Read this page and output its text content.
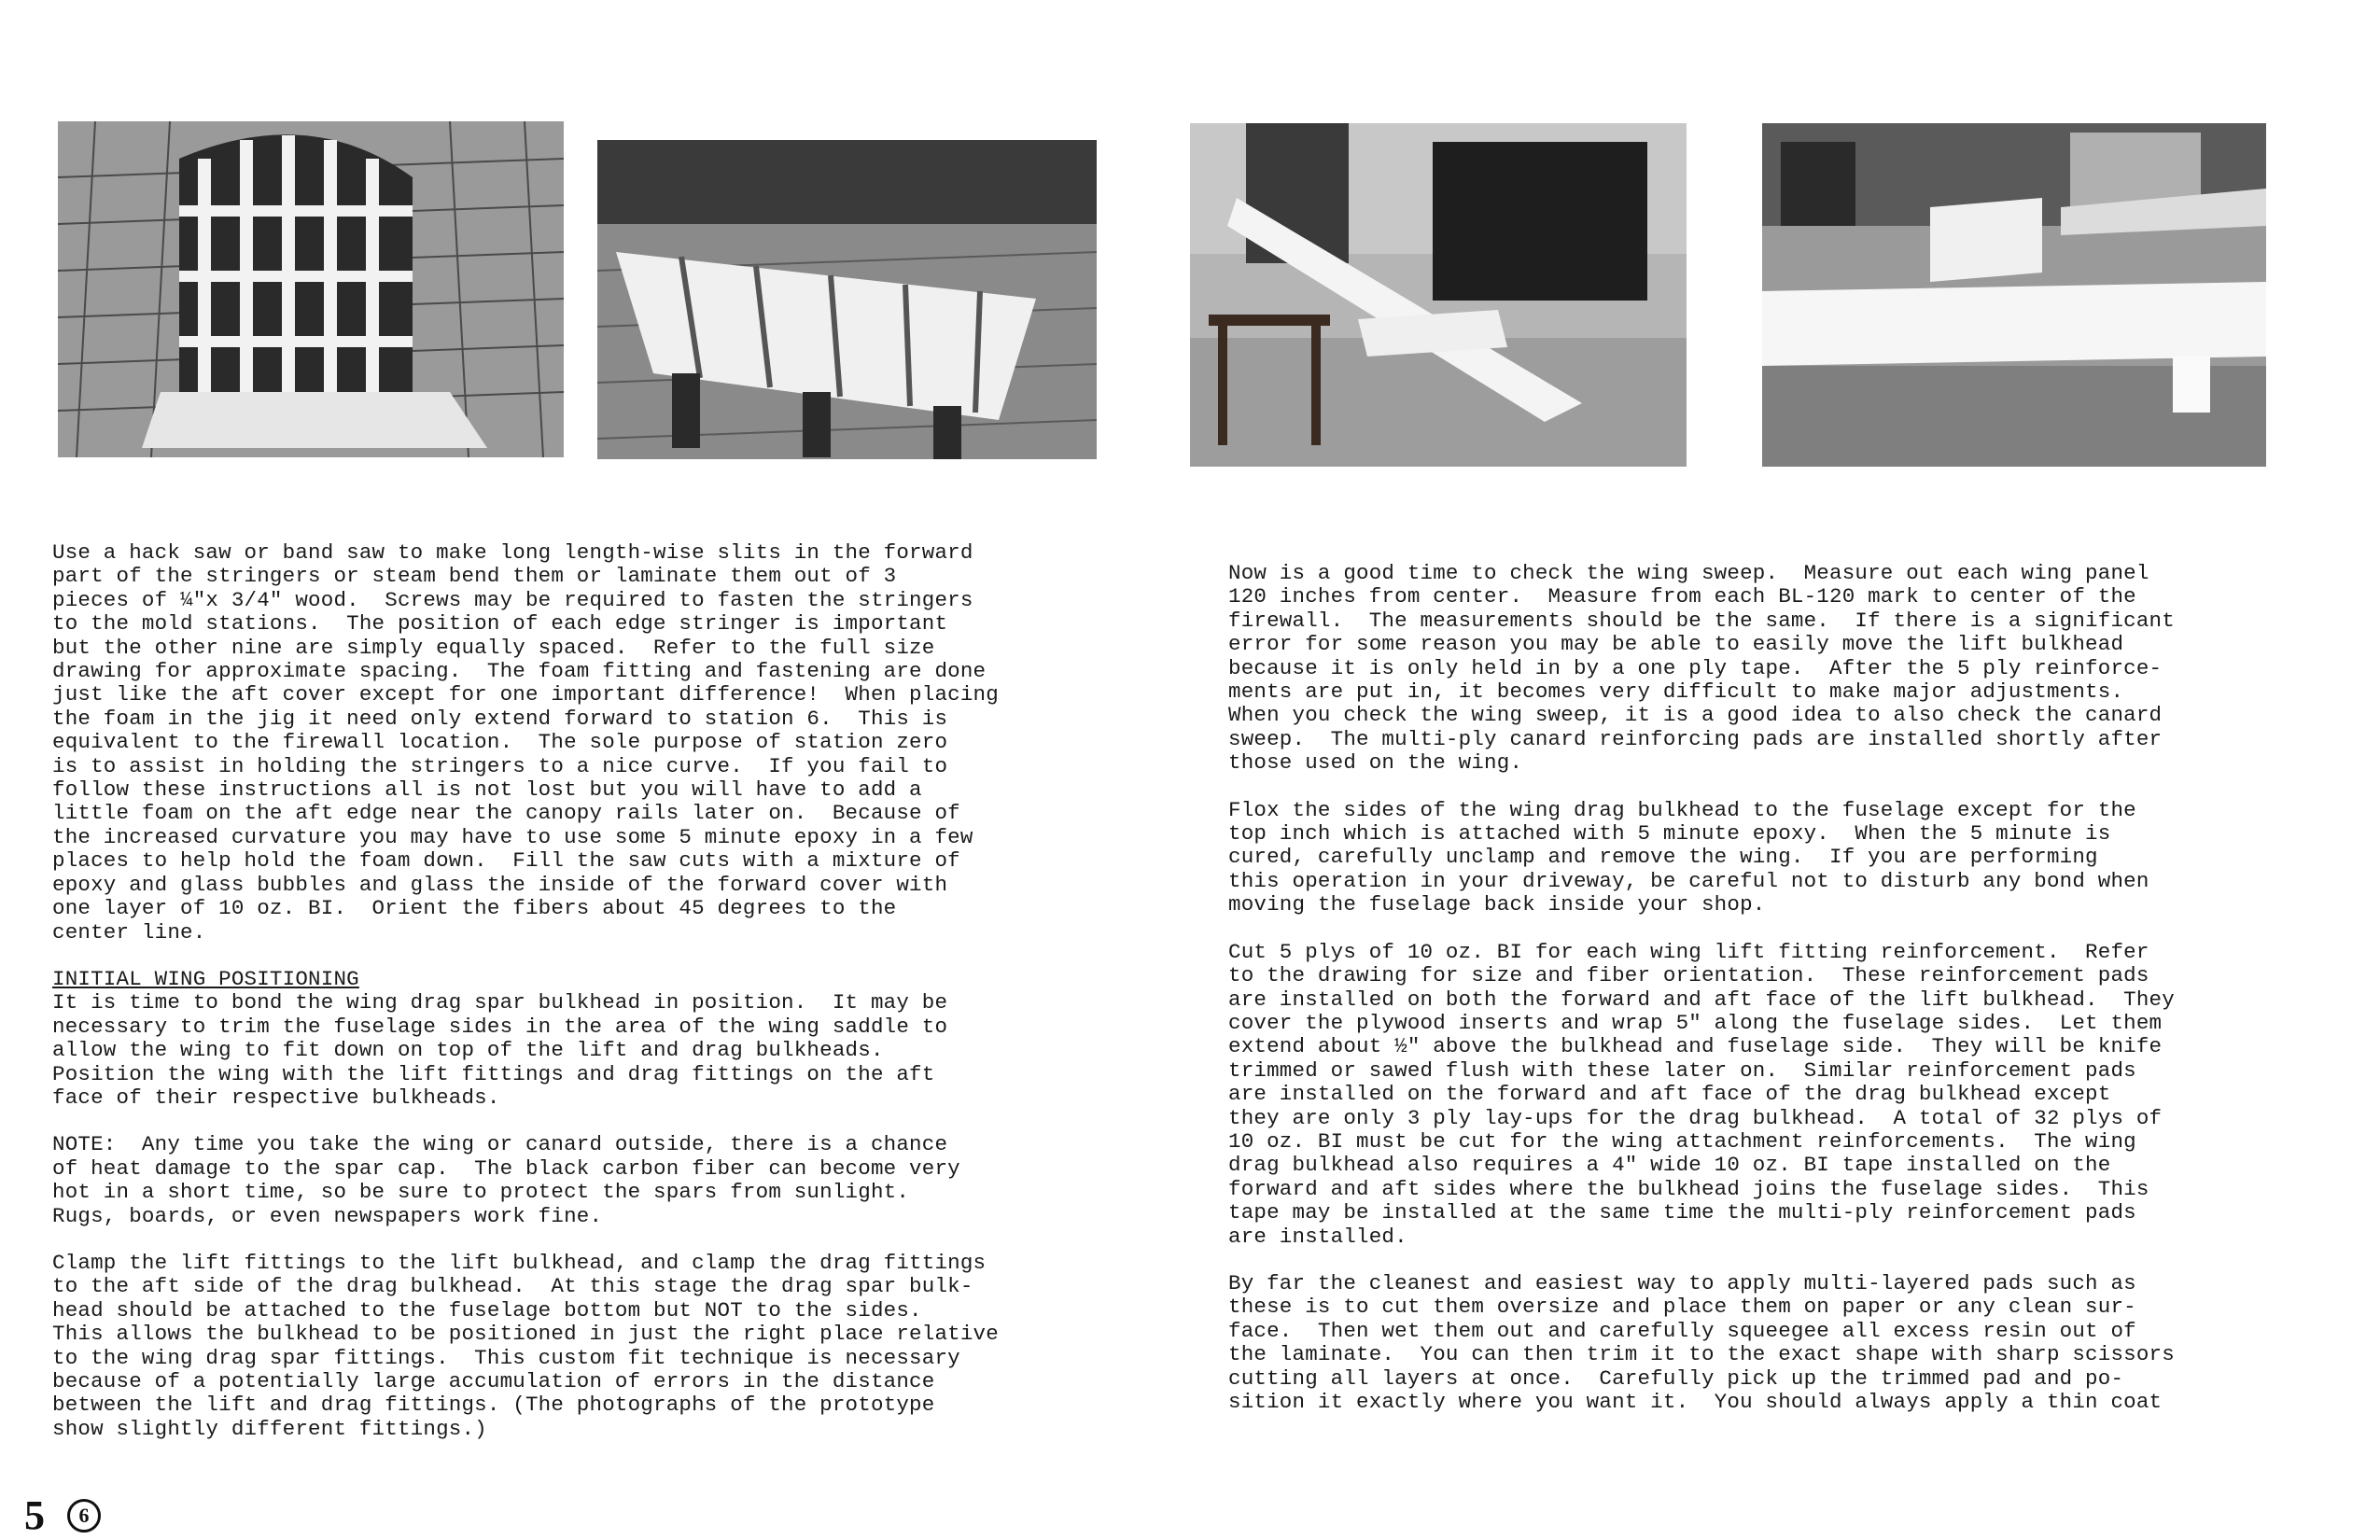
Use a hack saw or band saw to make long length-wise slits in the forward

part of the stringers or steam bend them or laminate them out of 3

pieces of ¼"x 3/4" wood.  Screws may be required to fasten the stringers

to the mold stations.  The position of each edge stringer is important

but the other nine are simply equally spaced.  Refer to the full size

drawing for approximate spacing.  The foam fitting and fastening are done

just like the aft cover except for one important difference!  When placing

the foam in the jig it need only extend forward to station 6.  This is

equivalent to the firewall location.  The sole purpose of station zero

is to assist in holding the stringers to a nice curve.  If you fail to

follow these instructions all is not lost but you will have to add a

little foam on the aft edge near the canopy rails later on.  Because of

the increased curvature you may have to use some 5 minute epoxy in a few

places to help hold the foam down.  Fill the saw cuts with a mixture of

epoxy and glass bubbles and glass the inside of the forward cover with

one layer of 10 oz. BI.  Orient the fibers about 45 degrees to the

center line.

INITIAL WING POSITIONING

It is time to bond the wing drag spar bulkhead in position.  It may be

necessary to trim the fuselage sides in the area of the wing saddle to

allow the wing to fit down on top of the lift and drag bulkheads.

Position the wing with the lift fittings and drag fittings on the aft

face of their respective bulkheads.

NOTE:  Any time you take the wing or canard outside, there is a chance

of heat damage to the spar cap.  The black carbon fiber can become very

hot in a short time, so be sure to protect the spars from sunlight.

Rugs, boards, or even newspapers work fine.

Clamp the lift fittings to the lift bulkhead, and clamp the drag fittings

to the aft side of the drag bulkhead.  At this stage the drag spar bulk-

head should be attached to the fuselage bottom but NOT to the sides.

This allows the bulkhead to be positioned in just the right place relative

to the wing drag spar fittings.  This custom fit technique is necessary

because of a potentially large accumulation of errors in the distance

between the lift and drag fittings. (The photographs of the prototype

show slightly different fittings.)

Now is a good time to check the wing sweep.  Measure out each wing panel

120 inches from center.  Measure from each BL-120 mark to center of the

firewall.  The measurements should be the same.  If there is a significant

error for some reason you may be able to easily move the lift bulkhead

because it is only held in by a one ply tape.  After the 5 ply reinforce-

ments are put in, it becomes very difficult to make major adjustments.

When you check the wing sweep, it is a good idea to also check the canard

sweep.  The multi-ply canard reinforcing pads are installed shortly after

those used on the wing.

Flox the sides of the wing drag bulkhead to the fuselage except for the

top inch which is attached with 5 minute epoxy.  When the 5 minute is

cured, carefully unclamp and remove the wing.  If you are performing

this operation in your driveway, be careful not to disturb any bond when

moving the fuselage back inside your shop.

Cut 5 plys of 10 oz. BI for each wing lift fitting reinforcement.  Refer

to the drawing for size and fiber orientation.  These reinforcement pads

are installed on both the forward and aft face of the lift bulkhead.  They

cover the plywood inserts and wrap 5" along the fuselage sides.  Let them

extend about ½" above the bulkhead and fuselage side.  They will be knife

trimmed or sawed flush with these later on.  Similar reinforcement pads

are installed on the forward and aft face of the drag bulkhead except

they are only 3 ply lay-ups for the drag bulkhead.  A total of 32 plys of

10 oz. BI must be cut for the wing attachment reinforcements.  The wing

drag bulkhead also requires a 4" wide 10 oz. BI tape installed on the

forward and aft sides where the bulkhead joins the fuselage sides.  This

tape may be installed at the same time the multi-ply reinforcement pads

are installed.

By far the cleanest and easiest way to apply multi-layered pads such as

these is to cut them oversize and place them on paper or any clean sur-

face.  Then wet them out and carefully squeegee all excess resin out of

the laminate.  You can then trim it to the exact shape with sharp scissors

cutting all layers at once.  Carefully pick up the trimmed pad and po-

sition it exactly where you want it.  You should always apply a thin coat

5	6
